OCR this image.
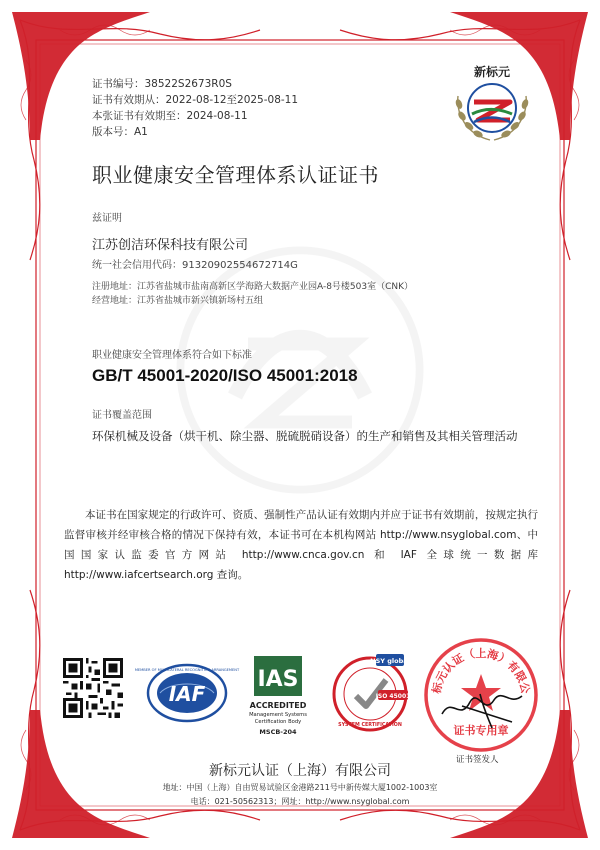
新标元
证书编号：38522S2673R0S
证书有效期从：2022-08-12至2025-08-11
本张证书有效期至：2024-08-11
版本号：A1
职业健康安全管理体系认证证书
兹证明
江苏创洁环保科技有限公司
统一社会信用代码：91320902554672714G
注册地址：江苏省盐城市盐南高新区学海路大数据产业园A-8号楼503室（CNK）
经营地址：江苏省盐城市新兴镇新场村五组
职业健康安全管理体系符合如下标准
GB/T 45001-2020/ISO 45001:2018
证书覆盖范围
环保机械及设备（烘干机、除尘器、脱硫脱硝设备）的生产和销售及其相关管理活动
本证书在国家规定的行政许可、资质、强制性产品认证有效期内并应于证书有效期前，按规定执行监督审核并经审核合格的情况下保持有效，本证书可在本机构网站 http://www.nsyglobal.com、中国国家认监委官方网站 http://www.cnca.gov.cn 和 IAF 全球统一数据库 http://www.iafcertsearch.org 查询。
IAF
MEMBER OF MULTILATERAL RECOGNITION ARRANGEMENT IAS
ACCREDITED
Management Systems
Certification Body
MSCB-204
NSY global
ISO 45001
SYSTEM CERTIFICATION
标元认证（上海）有限公
证书专用章
证书签发人
新标元认证（上海）有限公司
地址：中国（上海）自由贸易试验区金港路211号中新传媒大厦1002-1003室
电话：021-50562313；网址：http://www.nsyglobal.com
